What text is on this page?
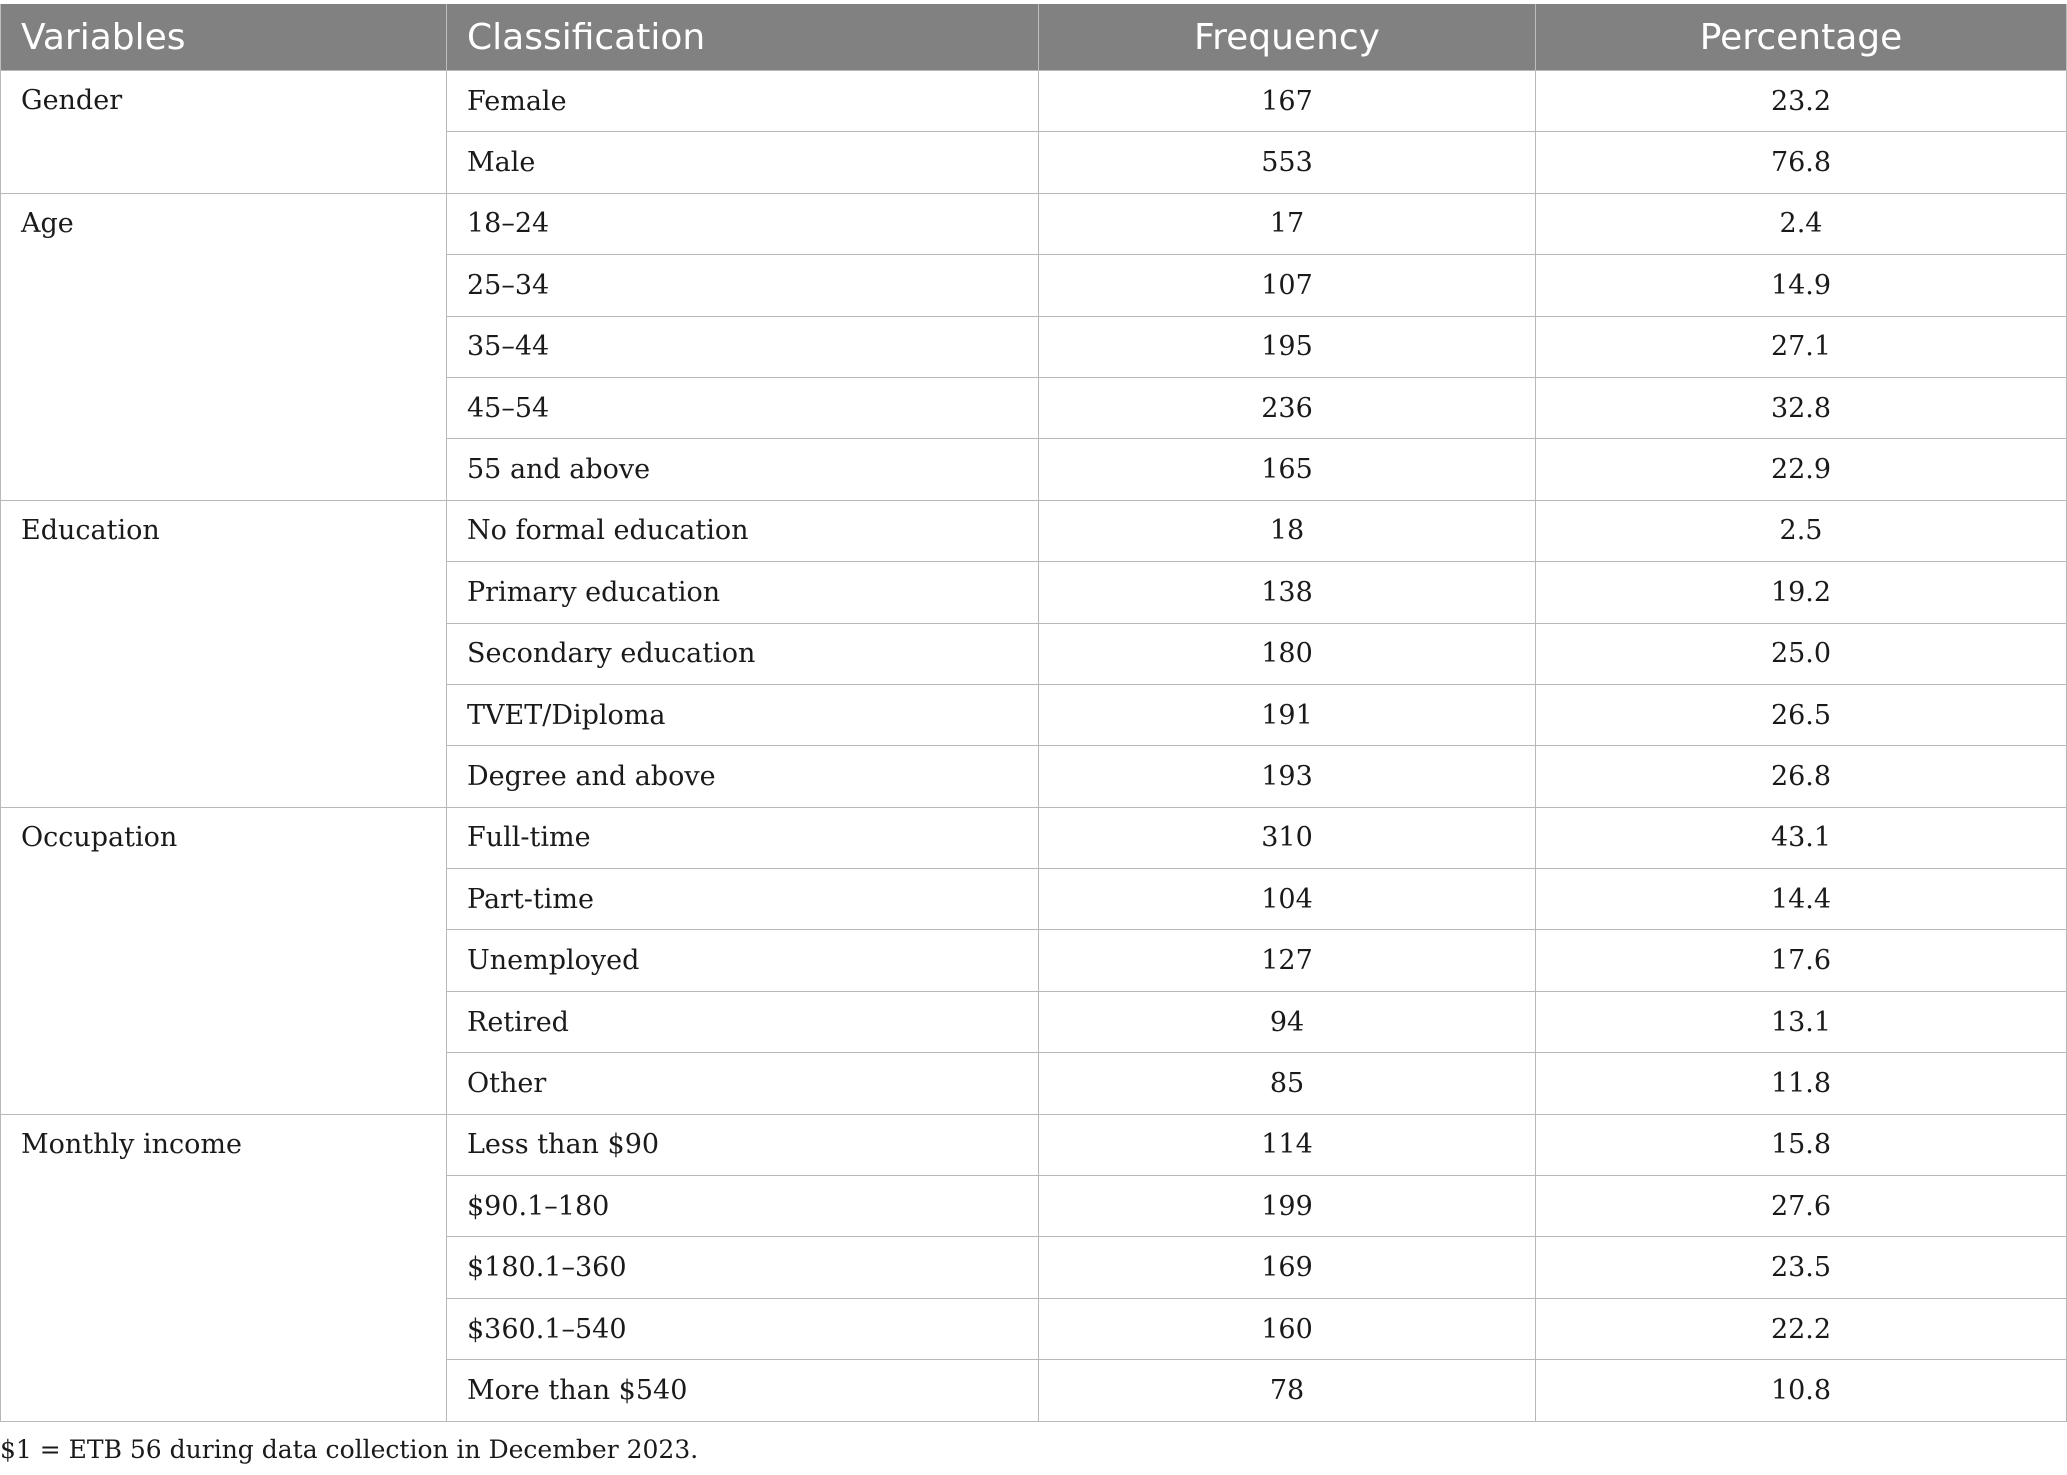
Variables	Classification	Frequency	Percentage
Gender	Female	167	23.2
	Male	553	76.8
Age	18–24	17	2.4
	25–34	107	14.9
	35–44	195	27.1
	45–54	236	32.8
	55 and above	165	22.9
Education	No formal education	18	2.5
	Primary education	138	19.2
	Secondary education	180	25.0
	TVET/Diploma	191	26.5
	Degree and above	193	26.8
Occupation	Full-time	310	43.1
	Part-time	104	14.4
	Unemployed	127	17.6
	Retired	94	13.1
	Other	85	11.8
Monthly income	Less than $90	114	15.8
	$90.1–180	199	27.6
	$180.1–360	169	23.5
	$360.1–540	160	22.2
	More than $540	78	10.8
$1 = ETB 56 during data collection in December 2023.
